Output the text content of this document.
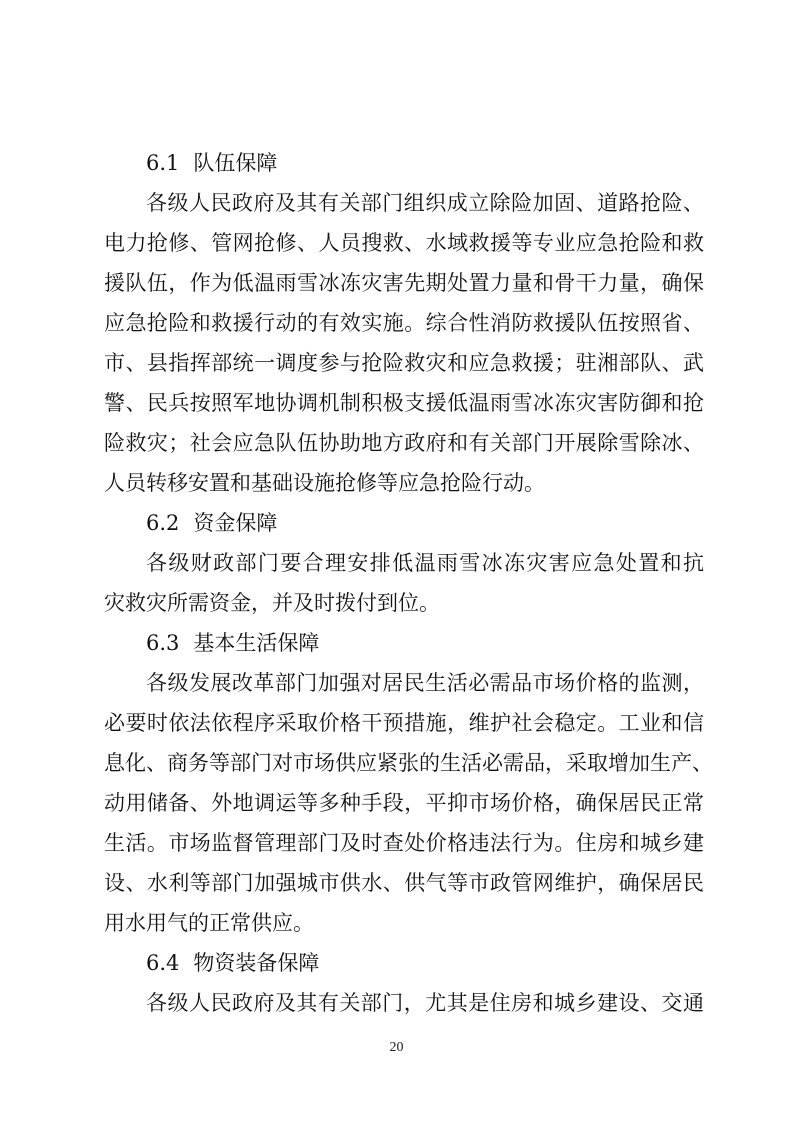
6.1 队伍保障
各级人民政府及其有关部门组织成立除险加固、道路抢险、
电力抢修、管网抢修、人员搜救、水域救援等专业应急抢险和救
援队伍，作为低温雨雪冰冻灾害先期处置力量和骨干力量，确保
应急抢险和救援行动的有效实施。综合性消防救援队伍按照省、
市、县指挥部统一调度参与抢险救灾和应急救援；驻湘部队、武
警、民兵按照军地协调机制积极支援低温雨雪冰冻灾害防御和抢
险救灾；社会应急队伍协助地方政府和有关部门开展除雪除冰、
人员转移安置和基础设施抢修等应急抢险行动。
6.2 资金保障
各级财政部门要合理安排低温雨雪冰冻灾害应急处置和抗
灾救灾所需资金，并及时拨付到位。
6.3 基本生活保障
各级发展改革部门加强对居民生活必需品市场价格的监测，
必要时依法依程序采取价格干预措施，维护社会稳定。工业和信
息化、商务等部门对市场供应紧张的生活必需品，采取增加生产、
动用储备、外地调运等多种手段，平抑市场价格，确保居民正常
生活。市场监督管理部门及时查处价格违法行为。住房和城乡建
设、水利等部门加强城市供水、供气等市政管网维护，确保居民
用水用气的正常供应。
6.4 物资装备保障
各级人民政府及其有关部门，尤其是住房和城乡建设、交通
20
